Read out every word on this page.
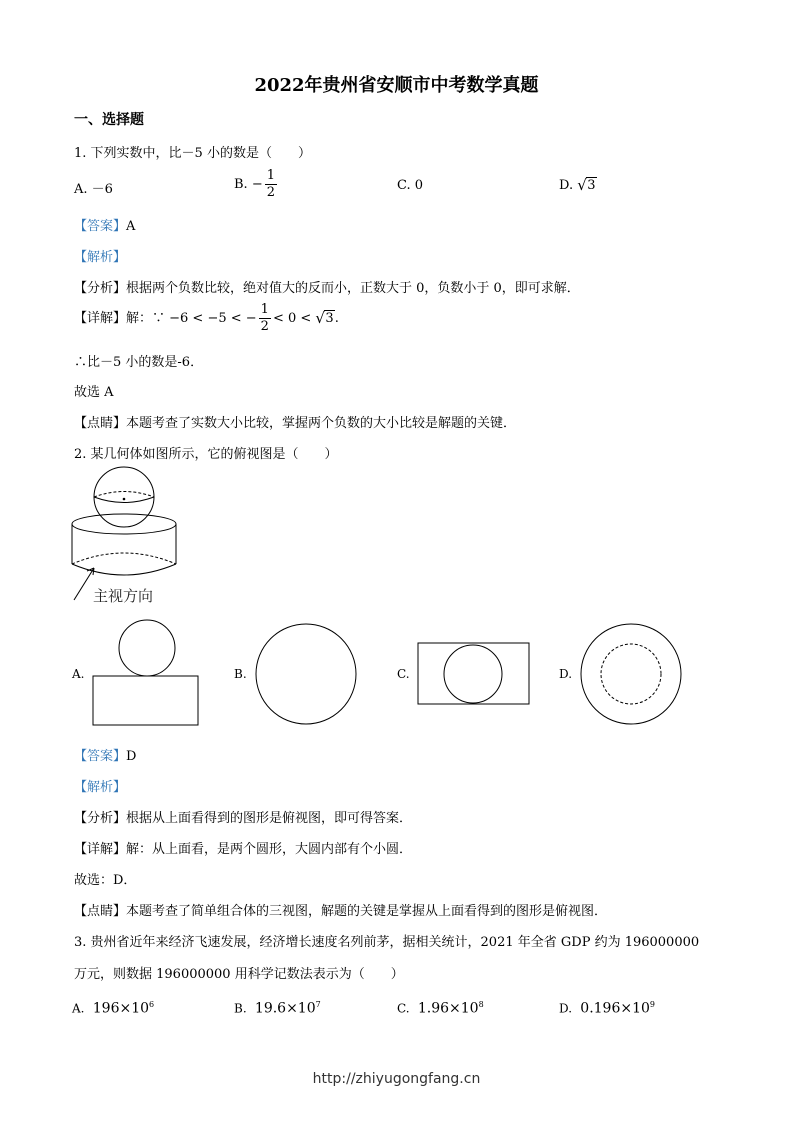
2022年贵州省安顺市中考数学真题
一、选择题
1. 下列实数中，比－5 小的数是（　　）
A. －6	B. − $\frac{1}{2}$	C. 0	D. √ 3
【答案】A
【解析】
【分析】根据两个负数比较，绝对值大的反而小，正数大于 0，负数小于 0，即可求解．
【详解】解：∵ −6 < −5 < − $\frac{1}{2} < 0$ < √ 3.
∴比－5 小的数是-6．
故选 A
【点睛】本题考查了实数大小比较，掌握两个负数的大小比较是解题的关键．
2. 某几何体如图所示，它的俯视图是（　　）
主视方向
A.	B.	C.	D.
【答案】D
【解析】
【分析】根据从上面看得到的图形是俯视图，即可得答案．
【详解】解：从上面看，是两个圆形，大圆内部有个小圆．
故选：D．
【点睛】本题考查了简单组合体的三视图，解题的关键是掌握从上面看得到的图形是俯视图．
3. 贵州省近年来经济飞速发展，经济增长速度名列前茅，据相关统计，2021 年全省 GDP 约为 196000000
万元，则数据 196000000 用科学记数法表示为（　　）
A. $196\times 10^6$	B. $19.6\times 10^7$	C. $1.96\times 10^8$	D. $0.196\times 10^9$
http://zhiyugongfang.cn
